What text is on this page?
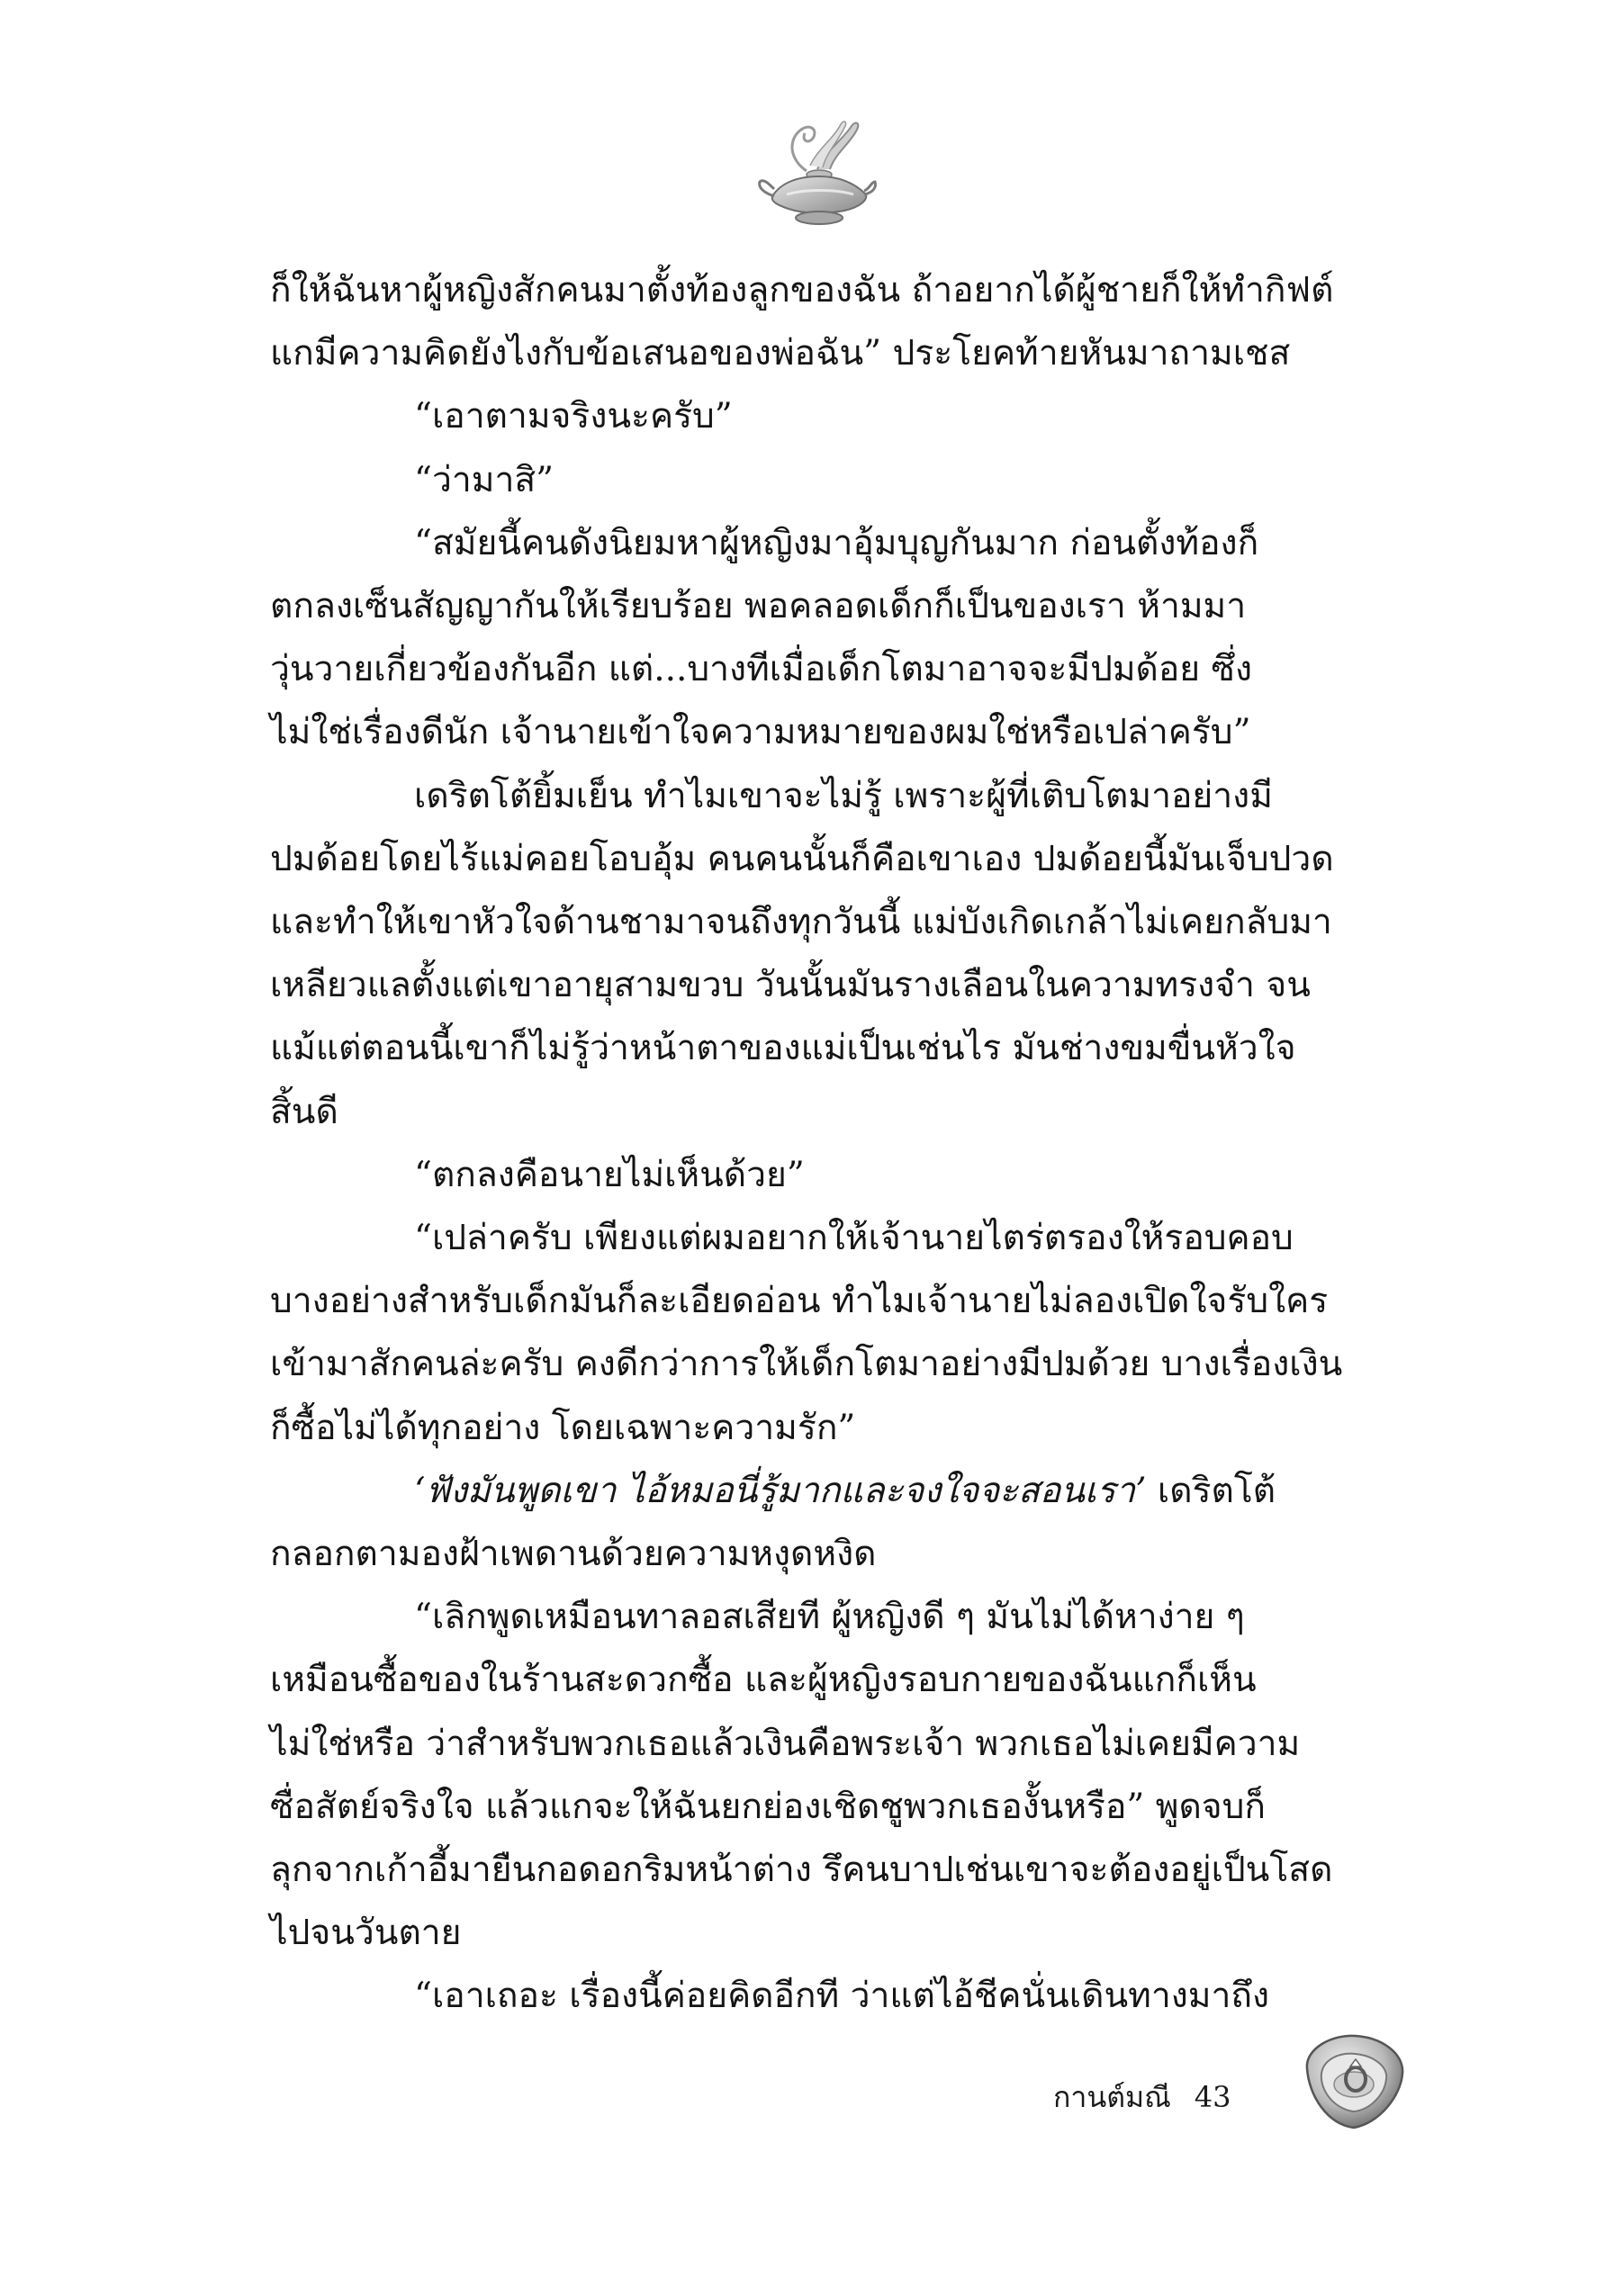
ก็ให้ฉันหาผู้หญิงสักคนมาตั้งท้องลูกของฉัน ถ้าอยากได้ผู้ชายก็ให้ทำกิฟต์

แกมีความคิดยังไงกับข้อเสนอของพ่อฉัน” ประโยคท้ายหันมาถามเชส

“เอาตามจริงนะครับ”

“ว่ามาสิ”

“สมัยนี้คนดังนิยมหาผู้หญิงมาอุ้มบุญกันมาก ก่อนตั้งท้องก็

ตกลงเซ็นสัญญากันให้เรียบร้อย พอคลอดเด็กก็เป็นของเรา ห้ามมา

วุ่นวายเกี่ยวข้องกันอีก แต่...บางทีเมื่อเด็กโตมาอาจจะมีปมด้อย ซึ่ง

ไม่ใช่เรื่องดีนัก เจ้านายเข้าใจความหมายของผมใช่หรือเปล่าครับ”

เดริตโต้ยิ้มเย็น ทำไมเขาจะไม่รู้ เพราะผู้ที่เติบโตมาอย่างมี

ปมด้อยโดยไร้แม่คอยโอบอุ้ม คนคนนั้นก็คือเขาเอง ปมด้อยนี้มันเจ็บปวด

และทำให้เขาหัวใจด้านชามาจนถึงทุกวันนี้ แม่บังเกิดเกล้าไม่เคยกลับมา

เหลียวแลตั้งแต่เขาอายุสามขวบ วันนั้นมันรางเลือนในความทรงจำ จน

แม้แต่ตอนนี้เขาก็ไม่รู้ว่าหน้าตาของแม่เป็นเช่นไร มันช่างขมขื่นหัวใจ

สิ้นดี

“ตกลงคือนายไม่เห็นด้วย”

“เปล่าครับ เพียงแต่ผมอยากให้เจ้านายไตร่ตรองให้รอบคอบ

บางอย่างสำหรับเด็กมันก็ละเอียดอ่อน ทำไมเจ้านายไม่ลองเปิดใจรับใคร

เข้ามาสักคนล่ะครับ คงดีกว่าการให้เด็กโตมาอย่างมีปมด้วย บางเรื่องเงิน

ก็ซื้อไม่ได้ทุกอย่าง โดยเฉพาะความรัก”

‘ฟังมันพูดเขา ไอ้หมอนี่รู้มากและจงใจจะสอนเรา’ เดริตโต้

กลอกตามองฝ้าเพดานด้วยความหงุดหงิด

“เลิกพูดเหมือนทาลอสเสียที ผู้หญิงดี ๆ มันไม่ได้หาง่าย ๆ

เหมือนซื้อของในร้านสะดวกซื้อ และผู้หญิงรอบกายของฉันแกก็เห็น

ไม่ใช่หรือ ว่าสำหรับพวกเธอแล้วเงินคือพระเจ้า พวกเธอไม่เคยมีความ

ซื่อสัตย์จริงใจ แล้วแกจะให้ฉันยกย่องเชิดชูพวกเธองั้นหรือ” พูดจบก็

ลุกจากเก้าอี้มายืนกอดอกริมหน้าต่าง รึคนบาปเช่นเขาจะต้องอยู่เป็นโสด

ไปจนวันตาย

“เอาเถอะ เรื่องนี้ค่อยคิดอีกที ว่าแต่ไอ้ชีคนั่นเดินทางมาถึง

กานต์มณี 43
